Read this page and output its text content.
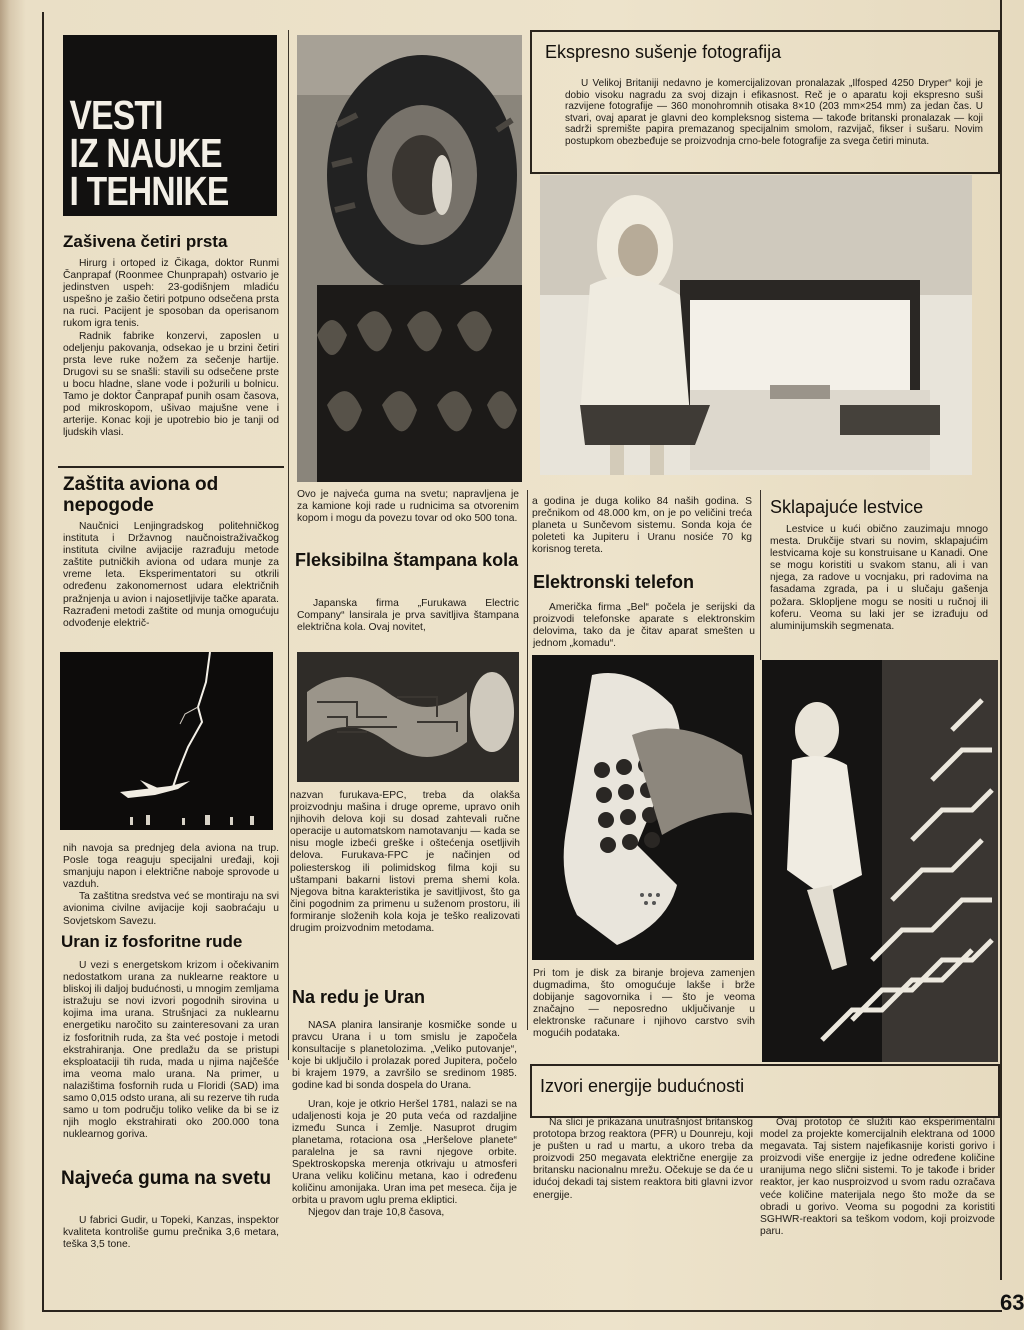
VESTI
IZ NAUKE
I TEHNIKE
Zašivena četiri prsta

Hirurg i ortoped iz Čikaga, doktor Runmi Čanprapaf (Roonmee Chunprapah) ostvario je jedinstven uspeh: 23-godišnjem mladiću uspešno je zašio četiri potpuno odsečena prsta na ruci. Pacijent je sposoban da operisanom rukom igra tenis.

Radnik fabrike konzervi, zaposlen u odeljenju pakovanja, odsekao je u brzini četiri prsta leve ruke nožem za sečenje hartije. Drugovi su se snašli: stavili su odsečene prste u bocu hladne, slane vode i požurili u bolnicu. Tamo je doktor Čanprapaf punih osam časova, pod mikroskopom, ušivao majušne vene i arterije. Konac koji je upotrebio bio je tanji od ljudskih vlasi.

Zaštita aviona od nepogode

Naučnici Lenjingradskog politehničkog instituta i Državnog naučnoistraživačkog instituta civilne avijacije razrađuju metode zaštite putničkih aviona od udara munje za vreme leta. Eksperimentatori su otkrili određenu zakonomernost udara električnih pražnjenja u avion i najosetljivije tačke aparata. Razrađeni metodi zaštite od munja omogućuju odvođenje električ-

nih navoja sa prednjeg dela aviona na trup. Posle toga reaguju specijalni uređaji, koji smanjuju napon i električne naboje sprovode u vazduh.

Ta zaštitna sredstva već se montiraju na svi avionima civilne avijacije koji saobraćaju u Sovjetskom Savezu.

Uran iz fosforitne rude

U vezi s energetskom krizom i očekivanim nedostatkom urana za nuklearne reaktore u bliskoj ili daljoj budućnosti, u mnogim zemljama istražuju se novi izvori pogodnih sirovina u kojima ima urana. Strušnjaci za nuklearnu energetiku naročito su zainteresovani za uran iz fosforitnih ruda, za šta već postoje i metodi ekstrahiranja. One predlažu da se pristupi eksploataciji tih ruda, mada u njima najčešće ima veoma malo urana. Na primer, u nalazištima fosfornih ruda u Floridi (SAD) ima samo 0,015 odsto urana, ali su rezerve tih ruda samo u tom području toliko velike da bi se iz njih moglo ekstrahirati oko 200.000 tona nuklearnog goriva.

Najveća guma na svetu

U fabrici Gudir, u Topeki, Kanzas, inspektor kvaliteta kontroliše gumu prečnika 3,6 metara, teška 3,5 tone.

Ovo je najveća guma na svetu; napravljena je za kamione koji rade u rudnicima sa otvorenim kopom i mogu da povezu tovar od oko 500 tona.

Fleksibilna štampana kola

Japanska firma „Furukawa Electric Company“ lansirala je prva savitljiva štampana električna kola. Ovaj novitet,

nazvan furukava-EPC, treba da olakša proizvodnju mašina i druge opreme, upravo onih njihovih delova koji su dosad zahtevali ručne operacije u automatskom namotavanju — kada se nisu mogle izbeći greške i oštećenja osetljivih delova. Furukava-FPC je načinjen od poliesterskog ili polimidskog filma koji su uštampani bakarni listovi prema shemi kola. Njegova bitna karakteristika je savitljivost, što ga čini pogodnim za primenu u suženom prostoru, ili formiranje složenih kola koja je teško realizovati drugim proizvodnim metodama.

Na redu je Uran

NASA planira lansiranje kosmičke sonde u pravcu Urana i u tom smislu je započela konsultacije s planetolozima. „Veliko putovanje“, koje bi uključilo i prolazak pored Jupitera, počelo bi krajem 1979, a završilo se sredinom 1985. godine kad bi sonda dospela do Urana.

Uran, koje je otkrio Heršel 1781, nalazi se na udaljenosti koja je 20 puta veća od razdaljine između Sunca i Zemlje. Nasuprot drugim planetama, rotaciona osa „Heršelove planete“ paralelna je sa ravni njegove orbite. Spektroskopska merenja otkrivaju u atmosferi Urana veliku količinu metana, kao i određenu količinu amonijaka. Uran ima pet meseca. čija je orbita u pravom uglu prema ekliptici.

Njegov dan traje 10,8 časova,

a godina je duga koliko 84 naših godina. S prečnikom od 48.000 km, on je po veličini treća planeta u Sunčevom sistemu. Sonda koja će poleteti ka Jupiteru i Uranu nosiće 70 kg korisnog tereta.

Ekspresno sušenje fotografija

U Velikoj Britaniji nedavno je komercijalizovan pronalazak „Ilfosped 4250 Dryper“ koji je dobio visoku nagradu za svoj dizajn i efikasnost. Reč je o aparatu koji ekspresno suši razvijene fotografije — 360 monohromnih otisaka 8×10 (203 mm×254 mm) za jedan čas. U stvari, ovaj aparat je glavni deo kompleksnog sistema — takođe britanski pronalazak — koji sadrži spremište papira premazanog specijalnim smolom, razvijač, fikser i sušaru. Novim postupkom obezbeđuje se proizvodnja crno-bele fotografije za svega četiri minuta.

Elektronski telefon

Američka firma „Bel“ počela je serijski da proizvodi telefonske aparate s elektronskim delovima, tako da je čitav aparat smešten u jednom „komadu“.

Pri tom je disk za biranje brojeva zamenjen dugmadima, što omogućuje lakše i brže dobijanje sagovornika i — što je veoma značajno — neposredno uključivanje u elektronske računare i njihovo carstvo svih mogućih podataka.

Sklapajuće lestvice

Lestvice u kući obično zauzimaju mnogo mesta. Drukčije stvari su novim, sklapajućim lestvicama koje su konstruisane u Kanadi. One se mogu koristiti u svakom stanu, ali i van njega, za radove u vocnjaku, pri radovima na fasadama zgrada, pa i u slučaju gašenja požara. Sklopljene mogu se nositi u ručnoj ili koferu. Veoma su laki jer se izrađuju od aluminijumskih segmenata.

Izvori energije budućnosti

Na slici je prikazana unutrašnjost britanskog prototopa brzog reaktora (PFR) u Dounreju, koji je pušten u rad u martu, a ukoro treba da proizvodi 250 megavata električne energije za britansku nacionalnu mrežu. Očekuje se da će u idućoj dekadi taj sistem reaktora biti glavni izvor energije.

Ovaj prototop će služiti kao eksperimentalni model za projekte komercijalnih elektrana od 1000 megavata. Taj sistem najefikasnije koristi gorivo i proizvodi više energije iz jedne određene količine uranijuma nego slični sistemi. To je takođe i brider reaktor, jer kao nusproizvod u svom radu ozračava veće količine materijala nego što može da se obradi u gorivo. Veoma su pogodni za koristiti SGHWR-reaktori sa teškom vodom, koji proizvode paru.

63
